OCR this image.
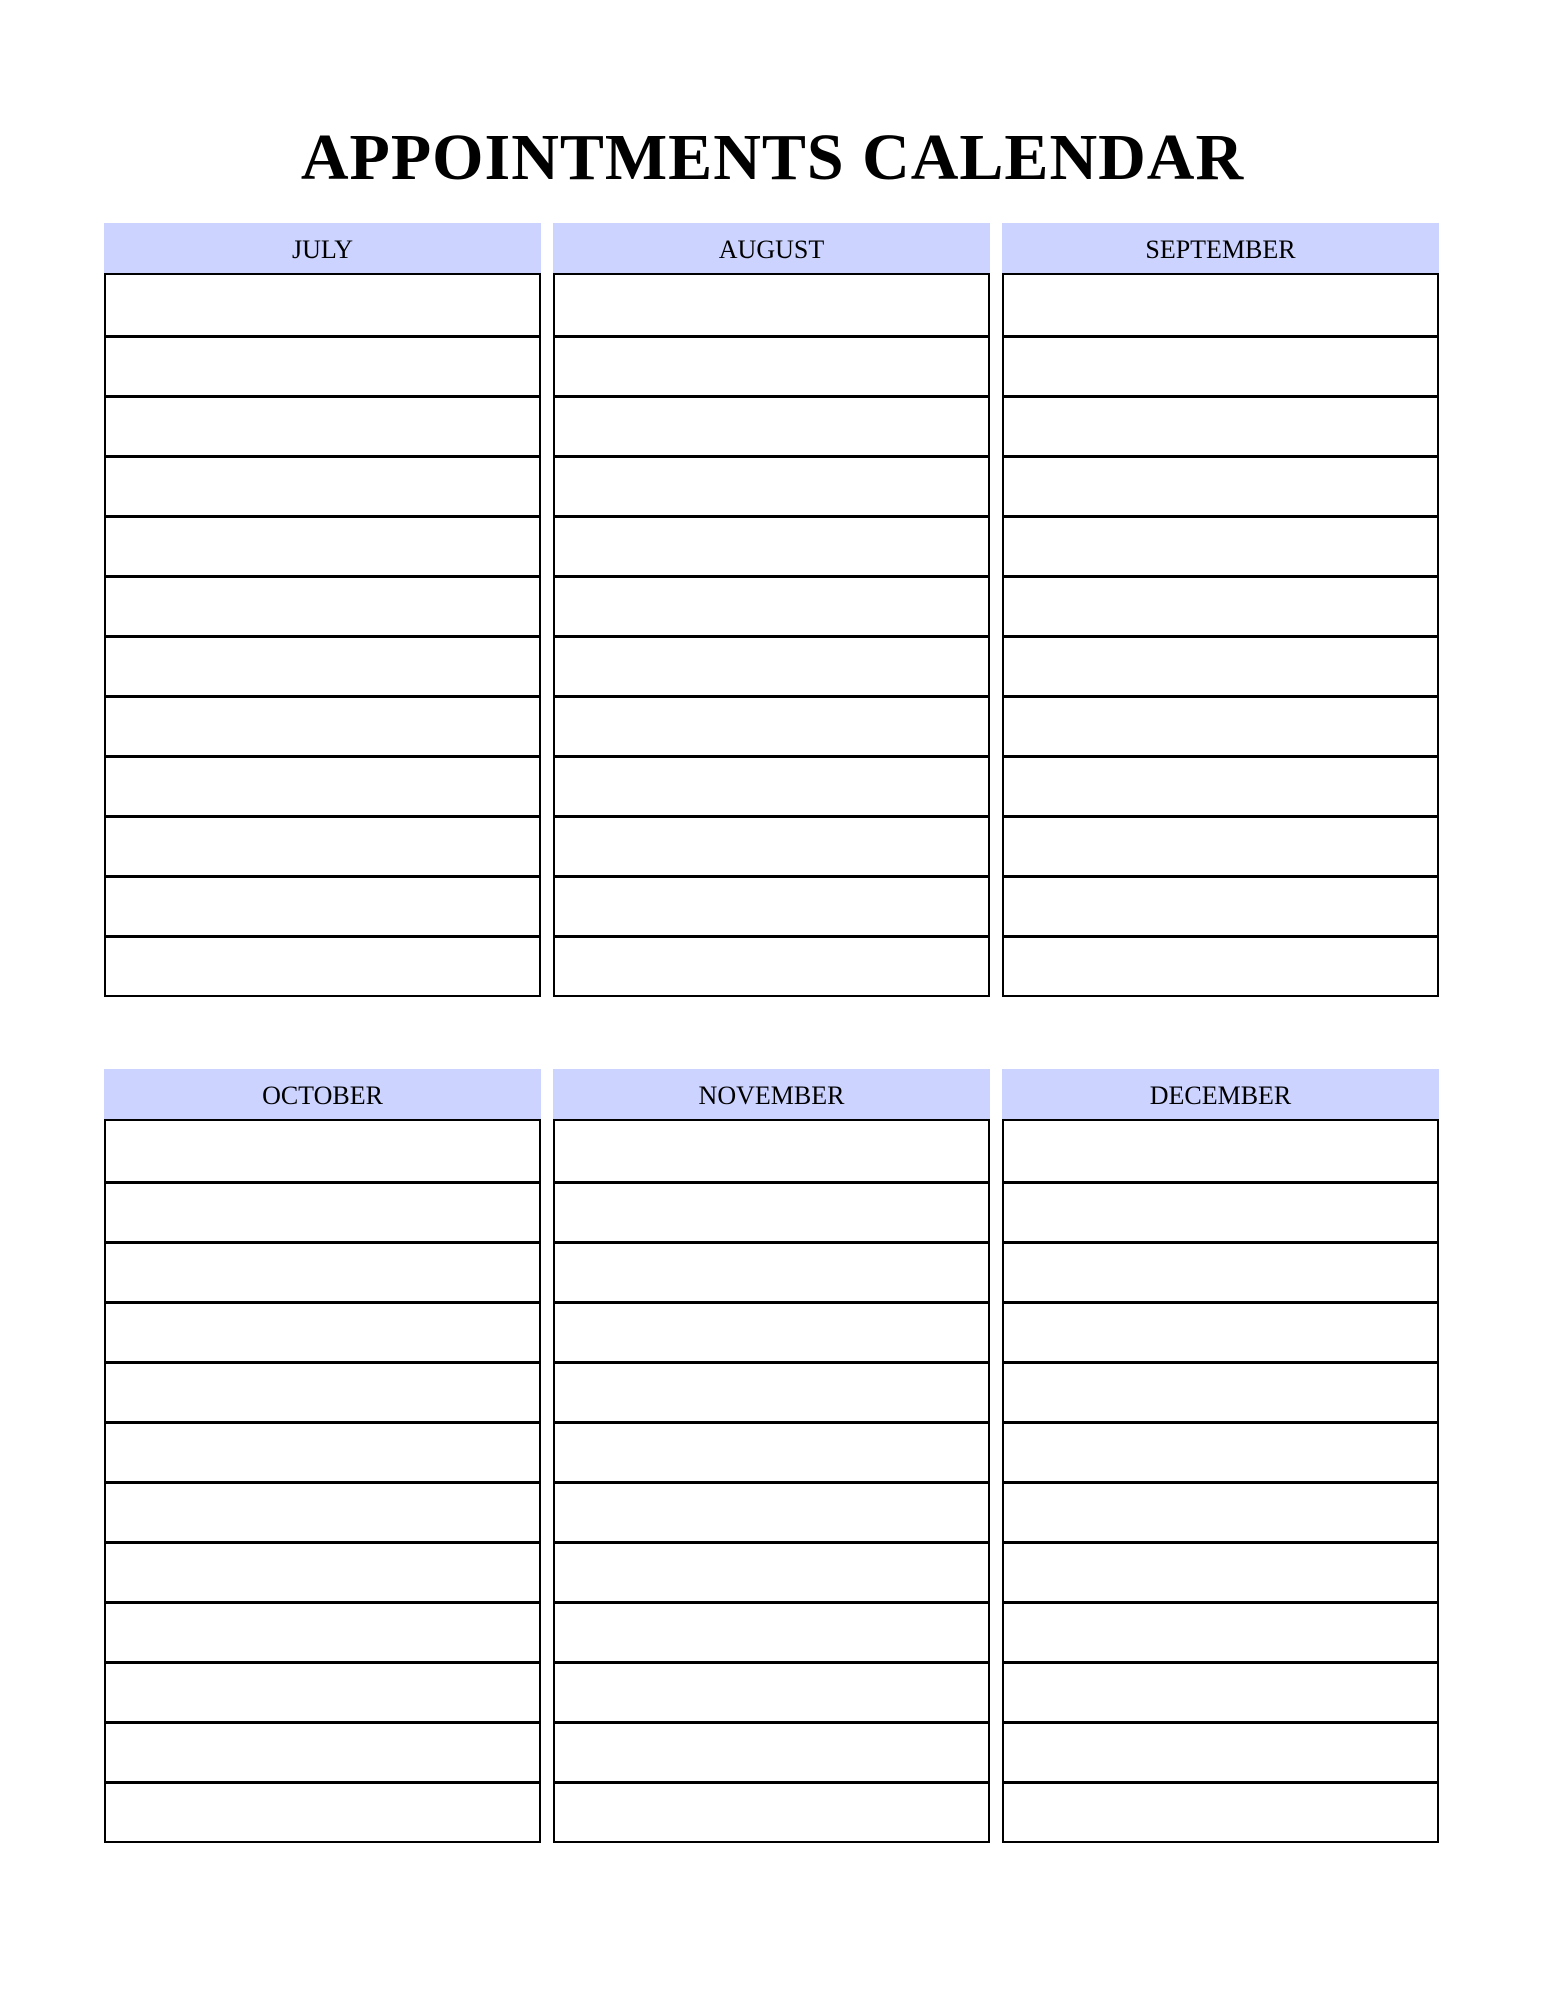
APPOINTMENTS CALENDAR
JULY	AUGUST	SEPTEMBER
OCTOBER	NOVEMBER	DECEMBER
